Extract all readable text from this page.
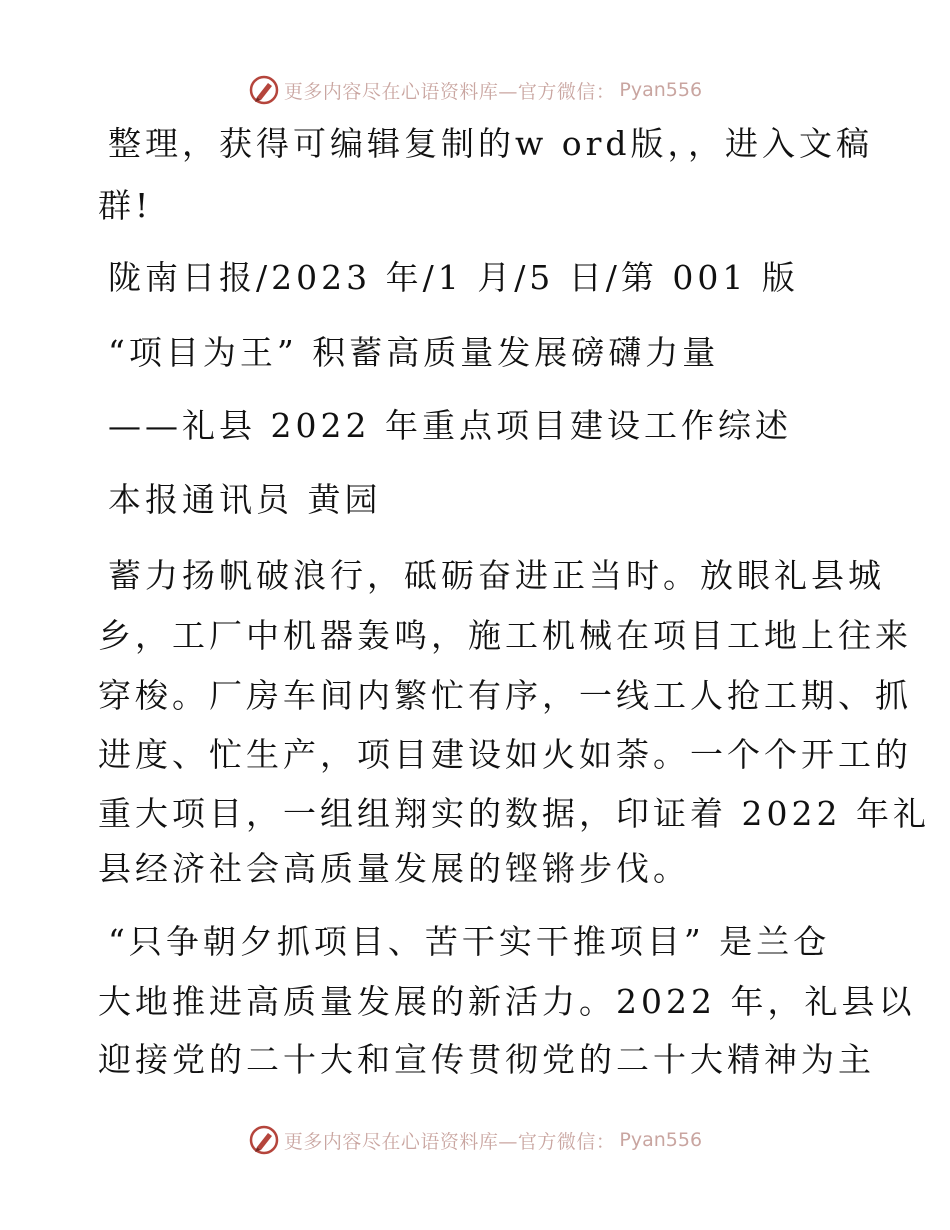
更多内容尽在心语资料库—官方微信： Pyan556
整理，获得可编辑复制的w ord版，，进入文稿
群!
陇南日报/2023 年/1 月/5 日/第 001 版
“项目为王” 积蓄高质量发展磅礴力量
——礼县 2022 年重点项目建设工作综述
本报通讯员 黄园
蓄力扬帆破浪行，砥砺奋进正当时。放眼礼县城
乡，工厂中机器轰鸣，施工机械在项目工地上往来
穿梭。厂房车间内繁忙有序，一线工人抢工期、抓
进度、忙生产，项目建设如火如荼。一个个开工的
重大项目，一组组翔实的数据，印证着 2022 年礼
县经济社会高质量发展的铿锵步伐。
“只争朝夕抓项目、苦干实干推项目” 是兰仓
大地推进高质量发展的新活力。2022 年，礼县以
迎接党的二十大和宣传贯彻党的二十大精神为主
更多内容尽在心语资料库—官方微信： Pyan556
